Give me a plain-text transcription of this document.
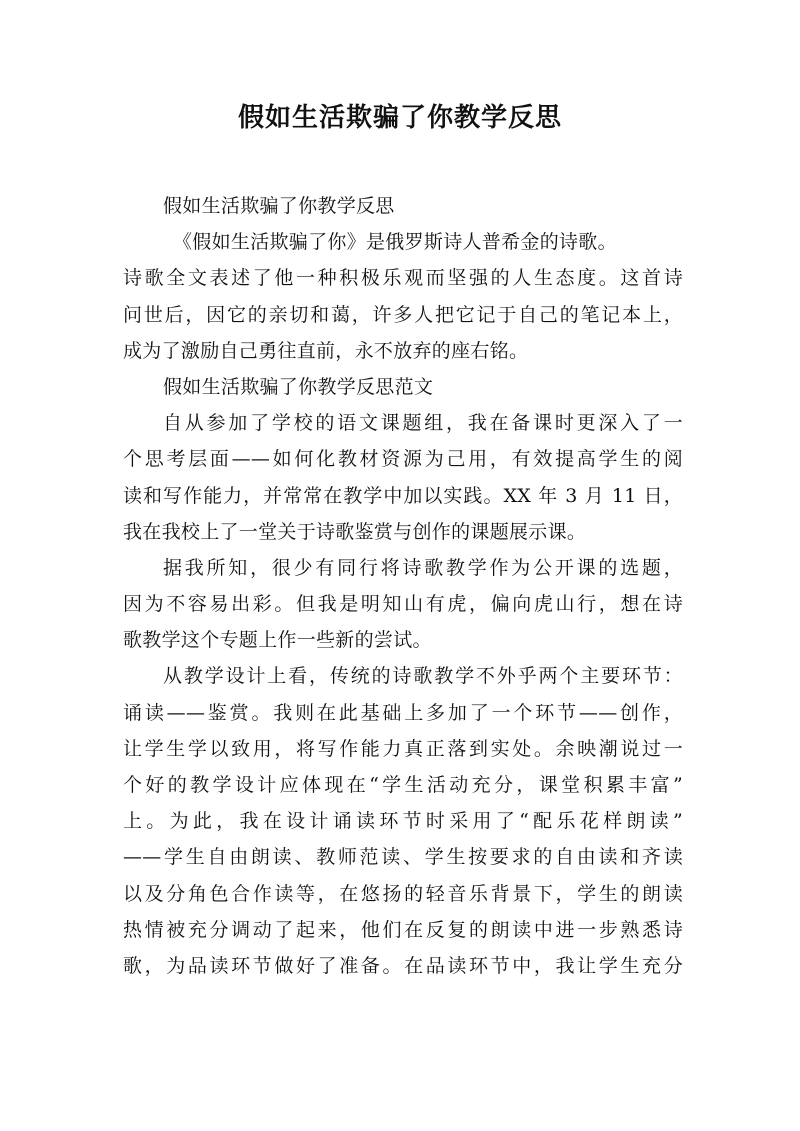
假如生活欺骗了你教学反思
假如生活欺骗了你教学反思
《假如生活欺骗了你》是俄罗斯诗人普希金的诗歌。
诗歌全文表述了他一种积极乐观而坚强的人生态度。这首诗
问世后，因它的亲切和蔼，许多人把它记于自己的笔记本上，
成为了激励自己勇往直前，永不放弃的座右铭。
假如生活欺骗了你教学反思范文
自从参加了学校的语文课题组，我在备课时更深入了一
个思考层面——如何化教材资源为己用，有效提高学生的阅
读和写作能力，并常常在教学中加以实践。XX 年 3 月 11 日，
我在我校上了一堂关于诗歌鉴赏与创作的课题展示课。
据我所知，很少有同行将诗歌教学作为公开课的选题，
因为不容易出彩。但我是明知山有虎，偏向虎山行，想在诗
歌教学这个专题上作一些新的尝试。
从教学设计上看，传统的诗歌教学不外乎两个主要环节：
诵读——鉴赏。我则在此基础上多加了一个环节——创作，
让学生学以致用，将写作能力真正落到实处。余映潮说过一
个好的教学设计应体现在“学生活动充分，课堂积累丰富”
上。为此，我在设计诵读环节时采用了“配乐花样朗读”
——学生自由朗读、教师范读、学生按要求的自由读和齐读
以及分角色合作读等，在悠扬的轻音乐背景下，学生的朗读
热情被充分调动了起来，他们在反复的朗读中进一步熟悉诗
歌，为品读环节做好了准备。在品读环节中，我让学生充分
